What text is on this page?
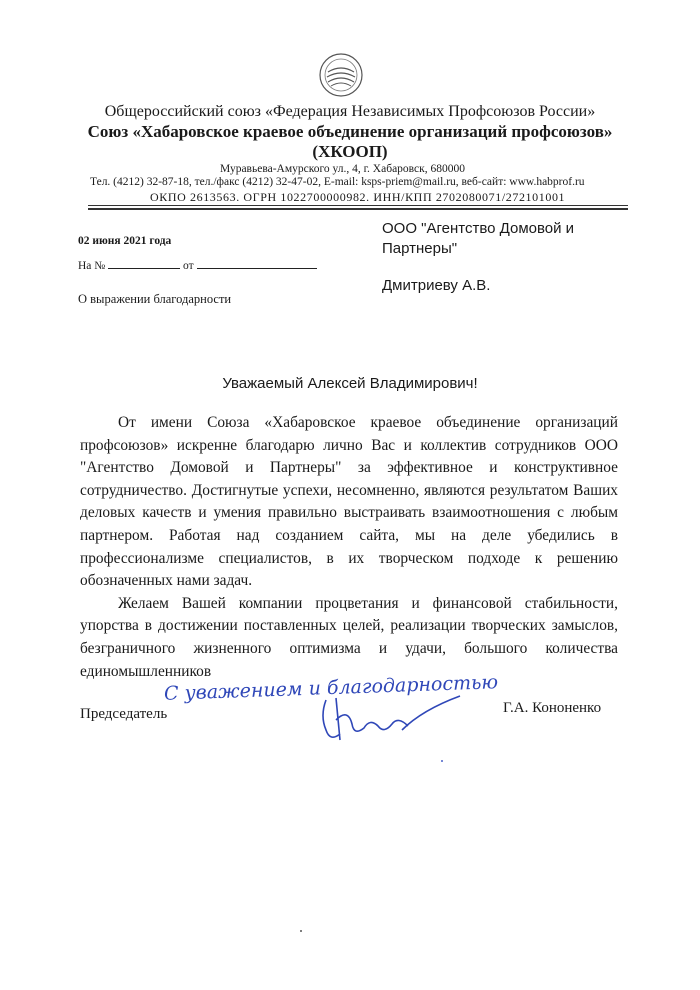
Общероссийский союз «Федерация Независимых Профсоюзов России»
Союз «Хабаровское краевое объединение организаций профсоюзов»
(ХКООП)
Муравьева-Амурского ул., 4, г. Хабаровск, 680000
Тел. (4212) 32-87-18, тел./факс (4212) 32-47-02, E-mail: ksps-priem@mail.ru, веб-сайт: www.habprof.ru
ОКПО 2613563. ОГРН 1022700000982. ИНН/КПП 2702080071/272101001
02 июня 2021 года
На №	от
О выражении благодарности
ООО "Агентство Домовой и Партнеры"
Дмитриеву А.В.
Уважаемый Алексей Владимирович!

От имени Союза «Хабаровское краевое объединение организаций профсоюзов» искренне благодарю лично Вас и коллектив сотрудников ООО "Агентство Домовой и Партнеры" за эффективное и конструктивное сотрудничество. Достигнутые успехи, несомненно, являются результатом Ваших деловых качеств и умения правильно выстраивать взаимоотношения с любым партнером. Работая над созданием сайта, мы на деле убедились в профессионализме специалистов, в их творческом подходе к решению обозначенных нами задач.

Желаем Вашей компании процветания и финансовой стабильности, упорства в достижении поставленных целей, реализации творческих замыслов, безграничного жизненного оптимизма и удачи, большого количества единомышленников

С уважением и благодарностью
Председатель	Г.А. Кононенко
